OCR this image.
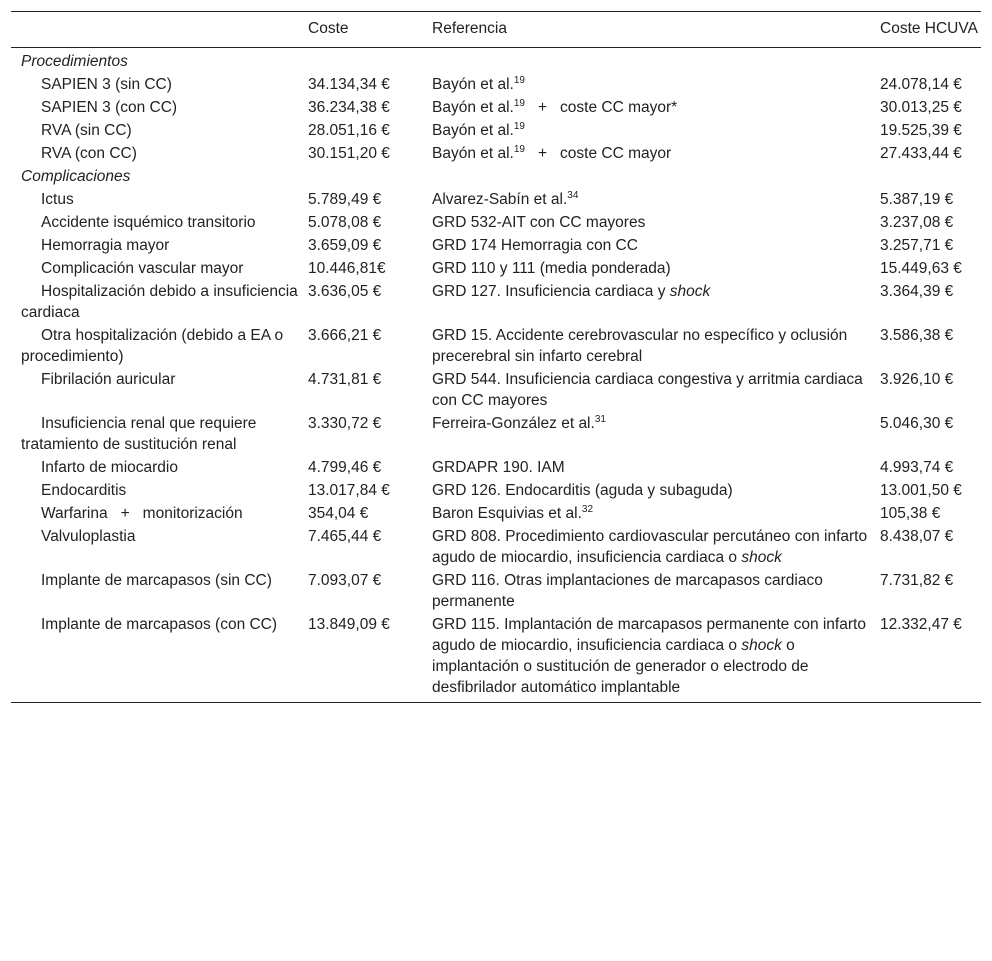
	Coste	Referencia	Coste HCUVA
Procedimientos			
SAPIEN 3 (sin CC)	34.134,34 €	Bayón et al.$^{19}$	24.078,14 €
SAPIEN 3 (con CC)	36.234,38 €	Bayón et al.$^{19}$ + coste CC mayor*	30.013,25 €
RVA (sin CC)	28.051,16 €	Bayón et al.$^{19}$	19.525,39 €
RVA (con CC)	30.151,20 €	Bayón et al.$^{19}$ + coste CC mayor	27.433,44 €
Complicaciones			
Ictus	5.789,49 €	Alvarez-Sabín et al.$^{34}$	5.387,19 €
Accidente isquémico transitorio	5.078,08 €	GRD 532-AIT con CC mayores	3.237,08 €
Hemorragia mayor	3.659,09 €	GRD 174 Hemorragia con CC	3.257,71 €
Complicación vascular mayor	10.446,81€	GRD 110 y 111 (media ponderada)	15.449,63 €
Hospitalización debido a insuficiencia cardiaca	3.636,05 €	GRD 127. Insuficiencia cardiaca y shock	3.364,39 €
Otra hospitalización (debido a EA o procedimiento)	3.666,21 €	GRD 15. Accidente cerebrovascular no específico y oclusión precerebral sin infarto cerebral	3.586,38 €
Fibrilación auricular	4.731,81 €	GRD 544. Insuficiencia cardiaca congestiva y arritmia cardiaca con CC mayores	3.926,10 €
Insuficiencia renal que requiere tratamiento de sustitución renal	3.330,72 €	Ferreira-González et al.$^{31}$	5.046,30 €
Infarto de miocardio	4.799,46 €	GRDAPR 190. IAM	4.993,74 €
Endocarditis	13.017,84 €	GRD 126. Endocarditis (aguda y subaguda)	13.001,50 €
Warfarina + monitorización	354,04 €	Baron Esquivias et al.$^{32}$	105,38 €
Valvuloplastia	7.465,44 €	GRD 808. Procedimiento cardiovascular percutáneo con infarto agudo de miocardio, insuficiencia cardiaca o shock	8.438,07 €
Implante de marcapasos (sin CC)	7.093,07 €	GRD 116. Otras implantaciones de marcapasos cardiaco permanente	7.731,82 €
Implante de marcapasos (con CC)	13.849,09 €	GRD 115. Implantación de marcapasos permanente con infarto agudo de miocardio, insuficiencia cardiaca o shock o implantación o sustitución de generador o electrodo de desfibrilador automático implantable	12.332,47 €
